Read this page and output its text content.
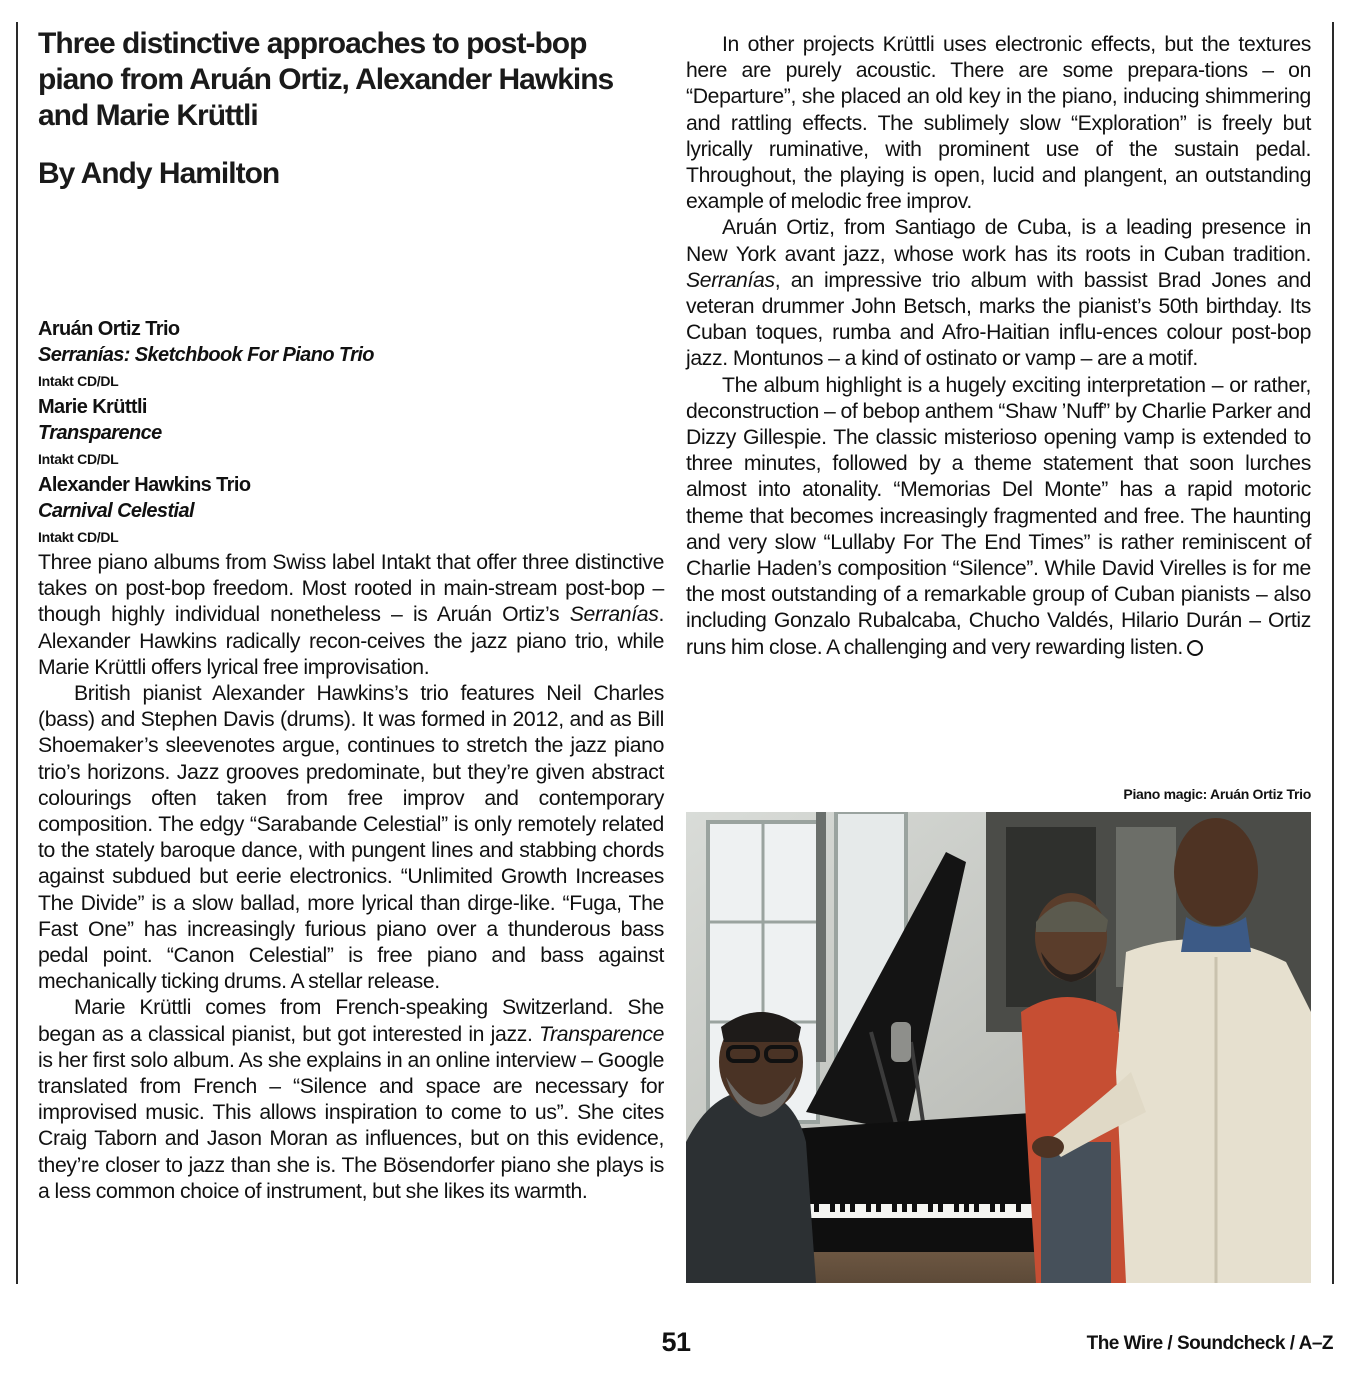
Three distinctive approaches to post-bop piano from Aruán Ortiz, Alexander Hawkins and Marie Krüttli
By Andy Hamilton
Aruán Ortiz Trio
Serranías: Sketchbook For Piano Trio
Intakt CD/DL
Marie Krüttli
Transparence
Intakt CD/DL
Alexander Hawkins Trio
Carnival Celestial
Intakt CD/DL

Three piano albums from Swiss label Intakt that offer three distinctive takes on post-bop freedom. Most rooted in main-stream post-bop – though highly individual nonetheless – is Aruán Ortiz’s Serranías. Alexander Hawkins radically recon-ceives the jazz piano trio, while Marie Krüttli offers lyrical free improvisation.

British pianist Alexander Hawkins’s trio features Neil Charles (bass) and Stephen Davis (drums). It was formed in 2012, and as Bill Shoemaker’s sleevenotes argue, continues to stretch the jazz piano trio’s horizons. Jazz grooves predominate, but they’re given abstract colourings often taken from free improv and contemporary composition. The edgy “Sarabande Celestial” is only remotely related to the stately baroque dance, with pungent lines and stabbing chords against subdued but eerie electronics. “Unlimited Growth Increases The Divide” is a slow ballad, more lyrical than dirge-like. “Fuga, The Fast One” has increasingly furious piano over a thunderous bass pedal point. “Canon Celestial” is free piano and bass against mechanically ticking drums. A stellar release.

Marie Krüttli comes from French-speaking Switzerland. She began as a classical pianist, but got interested in jazz. Transparence is her first solo album. As she explains in an online interview – Google translated from French – “Silence and space are necessary for improvised music. This allows inspiration to come to us”. She cites Craig Taborn and Jason Moran as influences, but on this evidence, they’re closer to jazz than she is. The Bösendorfer piano she plays is a less common choice of instrument, but she likes its warmth.

In other projects Krüttli uses electronic effects, but the textures here are purely acoustic. There are some prepara-tions – on “Departure”, she placed an old key in the piano, inducing shimmering and rattling effects. The sublimely slow “Exploration” is freely but lyrically ruminative, with prominent use of the sustain pedal. Throughout, the playing is open, lucid and plangent, an outstanding example of melodic free improv.

Aruán Ortiz, from Santiago de Cuba, is a leading presence in New York avant jazz, whose work has its roots in Cuban tradition. Serranías, an impressive trio album with bassist Brad Jones and veteran drummer John Betsch, marks the pianist’s 50th birthday. Its Cuban toques, rumba and Afro-Haitian influ-ences colour post-bop jazz. Montunos – a kind of ostinato or vamp – are a motif.

The album highlight is a hugely exciting interpretation – or rather, deconstruction – of bebop anthem “Shaw ’Nuff” by Charlie Parker and Dizzy Gillespie. The classic misterioso opening vamp is extended to three minutes, followed by a theme statement that soon lurches almost into atonality. “Memorias Del Monte” has a rapid motoric theme that becomes increasingly fragmented and free. The haunting and very slow “Lullaby For The End Times” is rather reminiscent of Charlie Haden’s composition “Silence”. While David Virelles is for me the most outstanding of a remarkable group of Cuban pianists – also including Gonzalo Rubalcaba, Chucho Valdés, Hilario Durán – Ortiz runs him close. A challenging and very rewarding listen.

Piano magic: Aruán Ortiz Trio
51	The Wire / Soundcheck / A–Z
